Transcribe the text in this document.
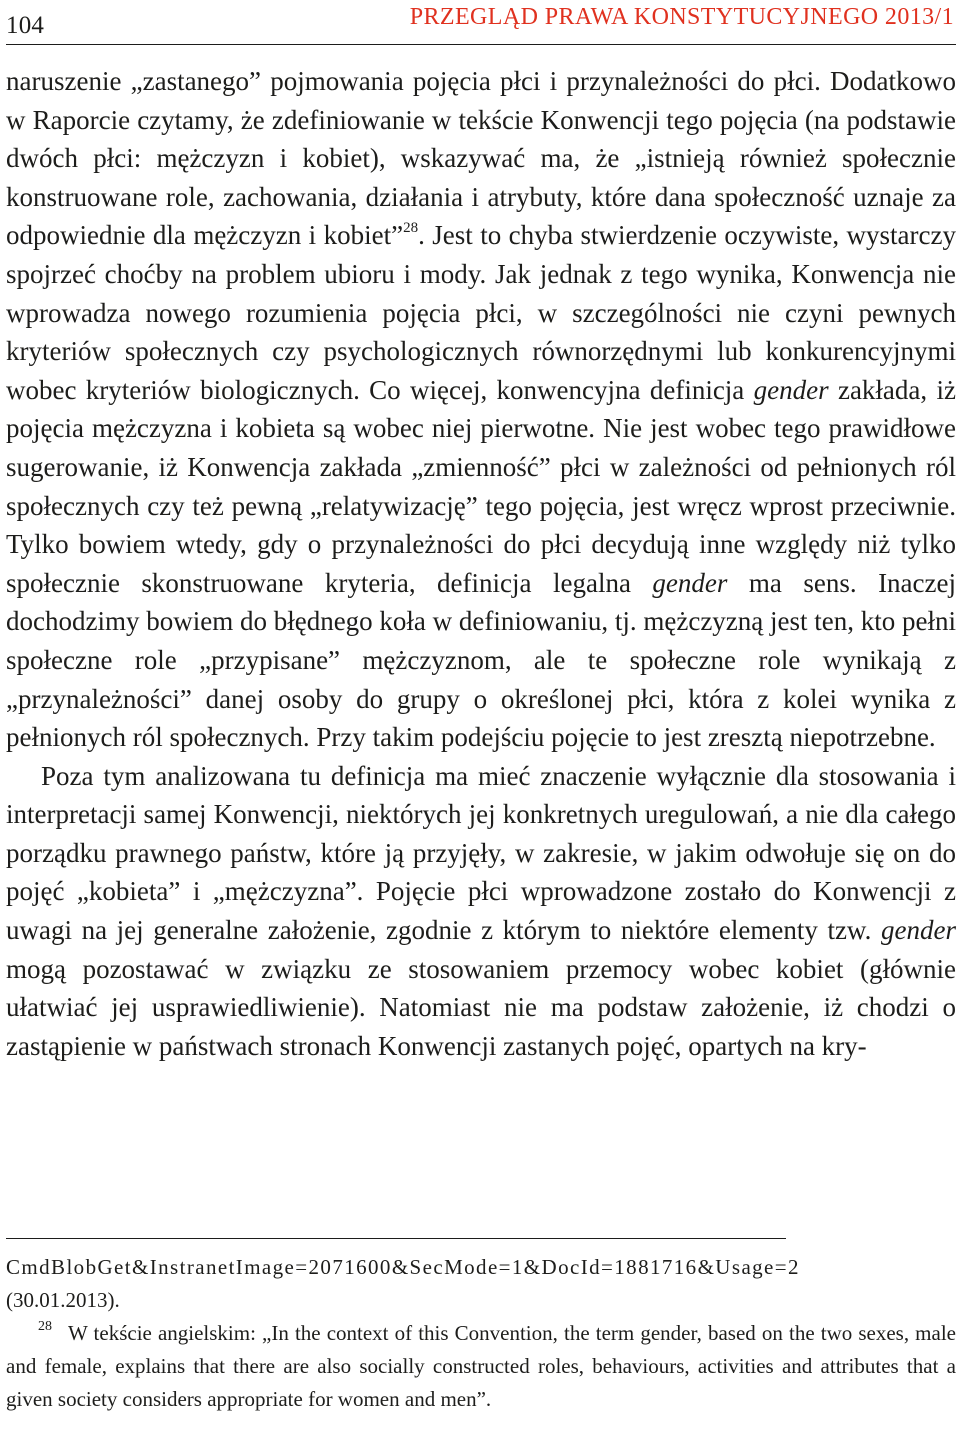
104	PRZEGLĄD PRAWA KONSTYTUCYJNEGO 2013/1

naruszenie „zastanego” pojmowania pojęcia płci i przynależności do płci. Dodatkowo w Raporcie czytamy, że zdefiniowanie w tekście Konwencji tego pojęcia (na podstawie dwóch płci: mężczyzn i kobiet), wskazywać ma, że „istnieją również społecznie konstruowane role, zachowania, działania i atrybuty, które dana społeczność uznaje za odpowiednie dla mężczyzn i kobiet”$^{28}$. Jest to chyba stwierdzenie oczywiste, wystarczy spojrzeć choćby na problem ubioru i mody. Jak jednak z tego wynika, Konwencja nie wprowadza nowego rozumienia pojęcia płci, w szczególności nie czyni pewnych kryteriów społecznych czy psychologicznych równorzędnymi lub konkurencyjnymi wobec kryteriów biologicznych. Co więcej, konwencyjna definicja gender zakłada, iż pojęcia mężczyzna i kobieta są wobec niej pierwotne. Nie jest wobec tego prawidłowe sugerowanie, iż Konwencja zakłada „zmienność” płci w zależności od pełnionych ról społecznych czy też pewną „relatywizację” tego pojęcia, jest wręcz wprost przeciwnie. Tylko bowiem wtedy, gdy o przynależności do płci decydują inne względy niż tylko społecznie skonstruowane kryteria, definicja legalna gender ma sens. Inaczej dochodzimy bowiem do błędnego koła w definiowaniu, tj. mężczyzną jest ten, kto pełni społeczne role „przypisane” mężczyznom, ale te społeczne role wynikają z „przynależności” danej osoby do grupy o określonej płci, która z kolei wynika z pełnionych ról społecznych. Przy takim podejściu pojęcie to jest zresztą niepotrzebne.

Poza tym analizowana tu definicja ma mieć znaczenie wyłącznie dla stosowania i interpretacji samej Konwencji, niektórych jej konkretnych uregulowań, a nie dla całego porządku prawnego państw, które ją przyjęły, w zakresie, w jakim odwołuje się on do pojęć „kobieta” i „mężczyzna”. Pojęcie płci wprowadzone zostało do Konwencji z uwagi na jej generalne założenie, zgodnie z którym to niektóre elementy tzw. gender mogą pozostawać w związku ze stosowaniem przemocy wobec kobiet (głównie ułatwiać jej usprawiedliwienie). Natomiast nie ma podstaw założenie, iż chodzi o zastąpienie w państwach stronach Konwencji zastanych pojęć, opartych na kry-

CmdBlobGet&InstranetImage=2071600&SecMode=1&DocId=1881716&Usage=2

(30.01.2013).

$^{28}$ W tekście angielskim: „In the context of this Convention, the term gender, based on the two sexes, male and female, explains that there are also socially constructed roles, behaviours, activities and attributes that a given society considers appropriate for women and men”.
